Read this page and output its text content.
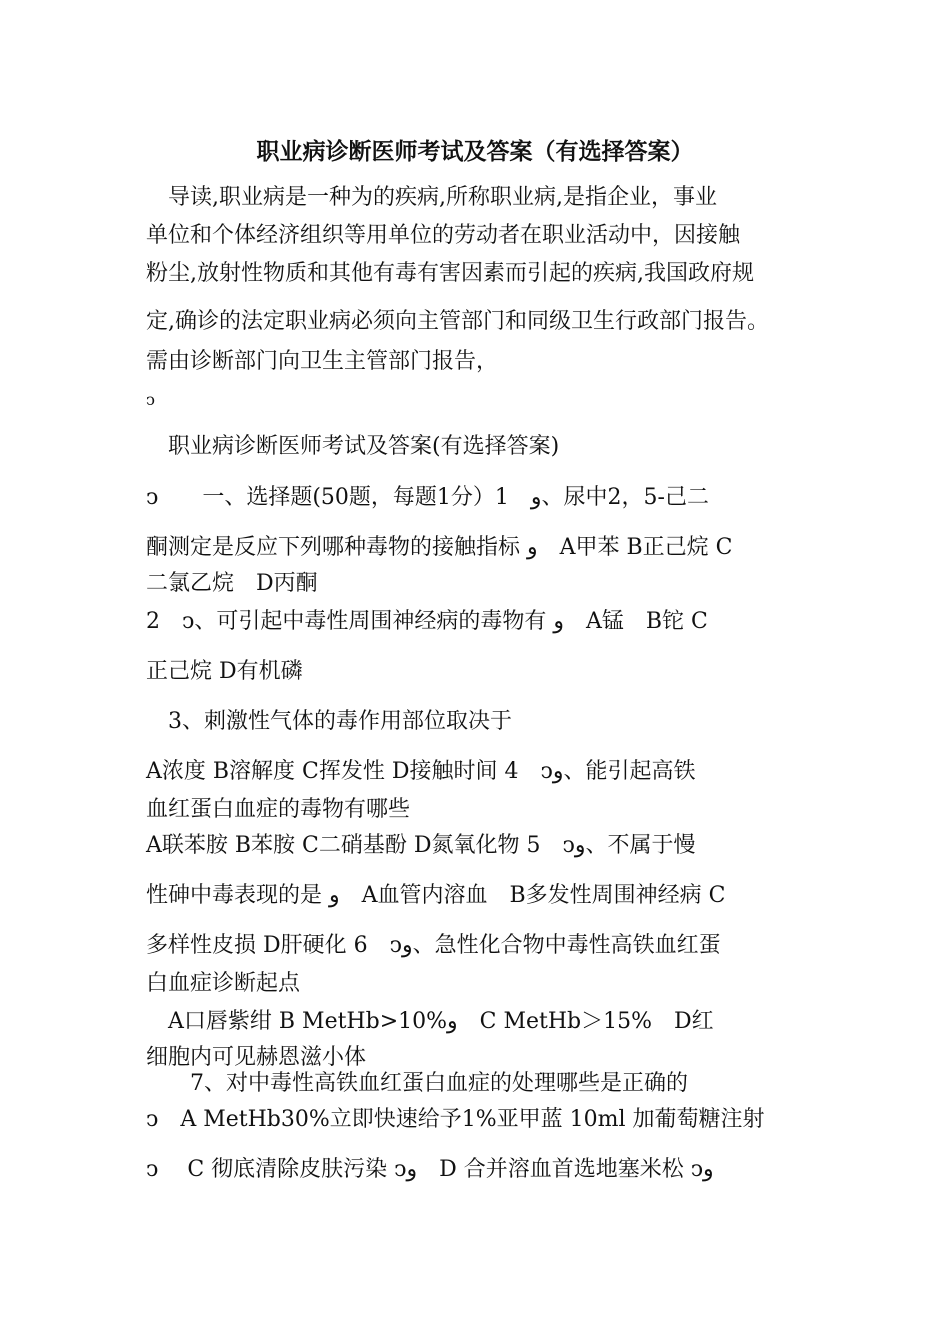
职业病诊断医师考试及答案（有选择答案）
　导读,职业病是一种为的疾病,所称职业病,是指企业，事业
单位和个体经济组织等用单位的劳动者在职业活动中，因接触
粉尘,放射性物质和其他有毒有害因素而引起的疾病,我国政府规
定,确诊的法定职业病必须向主管部门和同级卫生行政部门报告。
需由诊断部门向卫生主管部门报告，
ↄ
　职业病诊断医师考试及答案(有选择答案)
ↄ　　一、选择题(50题，每题1分）1　و、尿中2，5-己二
酮测定是反应下列哪种毒物的接触指标 و　A甲苯 B正己烷 C
二氯乙烷　D丙酮
2　ↄ、可引起中毒性周围神经病的毒物有 و　A锰　B铊 C
正己烷 D有机磷
　3、刺激性气体的毒作用部位取决于
A浓度 B溶解度 C挥发性 D接触时间 4　ↄو、能引起高铁
血红蛋白血症的毒物有哪些
A联苯胺 B苯胺 C二硝基酚 D氮氧化物 5　ↄو、不属于慢
性砷中毒表现的是 و　A血管内溶血　B多发性周围神经病 C
多样性皮损 D肝硬化 6　ↄو、急性化合物中毒性高铁血红蛋
白血症诊断起点
　A口唇紫绀 B MetHb>10%و　C MetHb＞15%　D红
细胞内可见赫恩滋小体
　　7、对中毒性高铁血红蛋白血症的处理哪些是正确的
ↄ　A MetHb30%立即快速给予1%亚甲蓝 10ml 加葡萄糖注射
ↄ　 C 彻底清除皮肤污染 ↄو　D 合并溶血首选地塞米松 ↄو
